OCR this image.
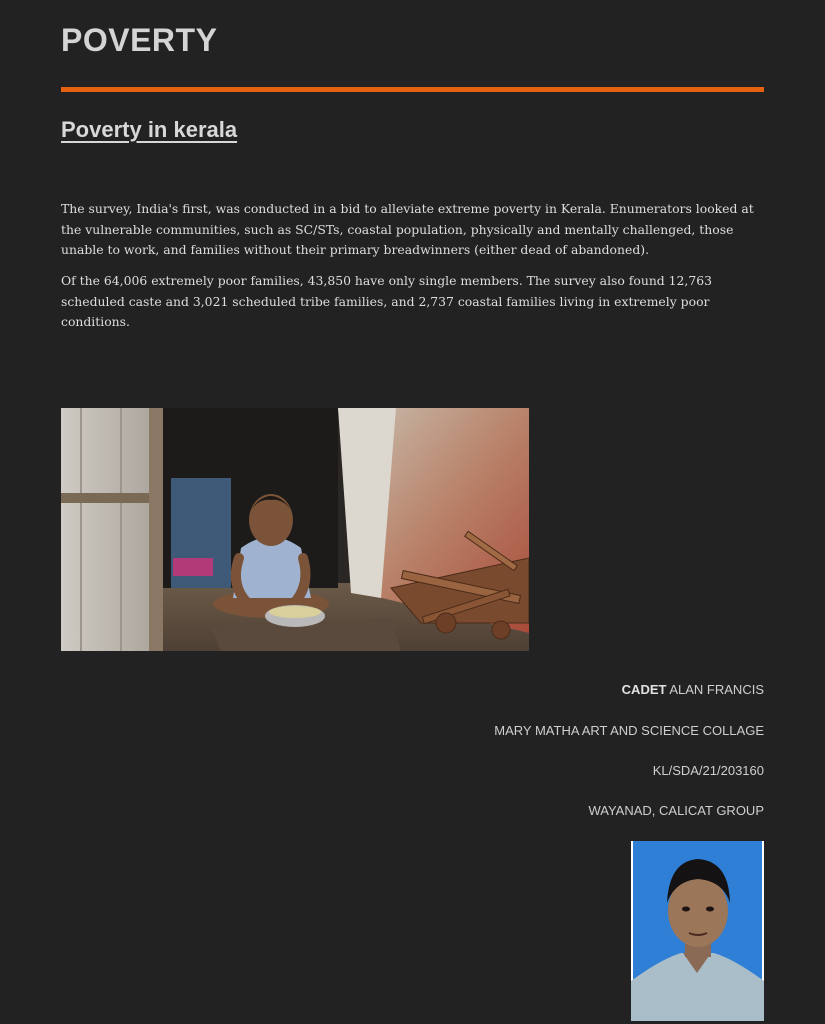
POVERTY
Poverty in kerala

The survey, India's first, was conducted in a bid to alleviate extreme poverty in Kerala. Enumerators looked at the vulnerable communities, such as SC/STs, coastal population, physically and mentally challenged, those unable to work, and families without their primary breadwinners (either dead of abandoned).

Of the 64,006 extremely poor families, 43,850 have only single members. The survey also found 12,763 scheduled caste and 3,021 scheduled tribe families, and 2,737 coastal families living in extremely poor conditions.

CADET ALAN FRANCIS
MARY MATHA ART AND SCIENCE COLLAGE
KL/SDA/21/203160
WAYANAD, CALICAT GROUP
